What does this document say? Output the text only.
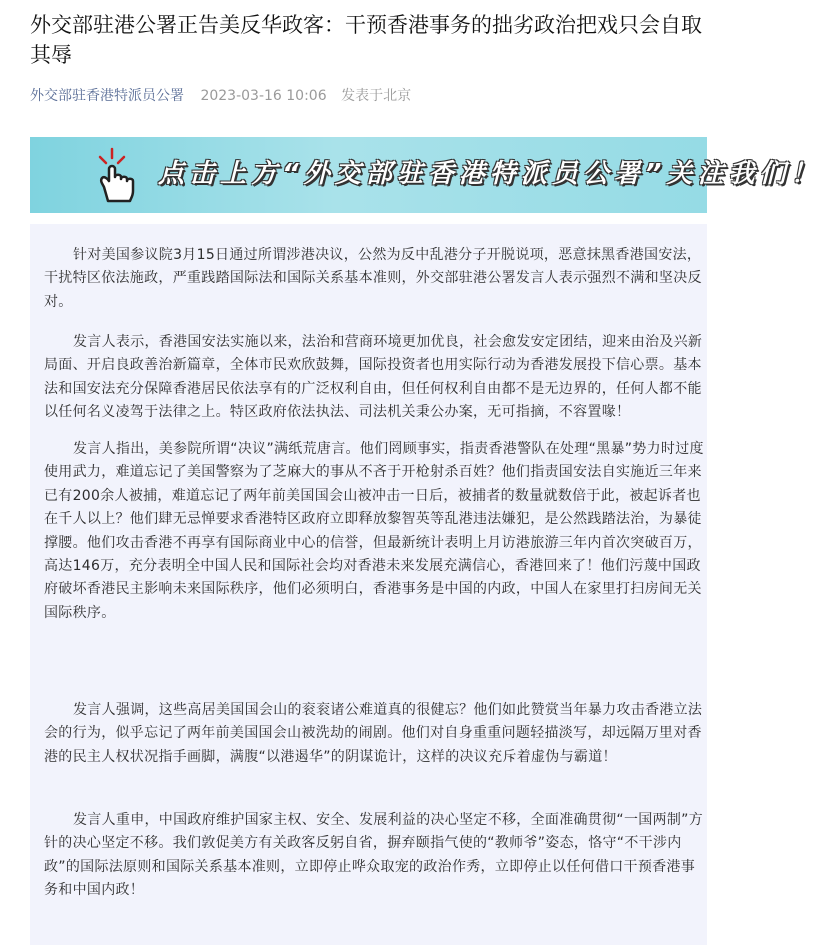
外交部驻港公署正告美反华政客：干预香港事务的拙劣政治把戏只会自取其辱
外交部驻香港特派员公署 2023-03-16 10:06 发表于北京
点击上方“外交部驻香港特派员公署”关注我们！

针对美国参议院3月15日通过所谓涉港决议，公然为反中乱港分子开脱说项，恶意抹黑香港国安法，干扰特区依法施政，严重践踏国际法和国际关系基本准则，外交部驻港公署发言人表示强烈不满和坚决反对。

发言人表示，香港国安法实施以来，法治和营商环境更加优良，社会愈发安定团结，迎来由治及兴新局面、开启良政善治新篇章，全体市民欢欣鼓舞，国际投资者也用实际行动为香港发展投下信心票。基本法和国安法充分保障香港居民依法享有的广泛权利自由，但任何权利自由都不是无边界的，任何人都不能以任何名义凌驾于法律之上。特区政府依法执法、司法机关秉公办案，无可指摘，不容置喙！

发言人指出，美参院所谓“决议”满纸荒唐言。他们罔顾事实，指责香港警队在处理“黑暴”势力时过度使用武力，难道忘记了美国警察为了芝麻大的事从不吝于开枪射杀百姓？他们指责国安法自实施近三年来已有200余人被捕，难道忘记了两年前美国国会山被冲击一日后，被捕者的数量就数倍于此，被起诉者也在千人以上？他们肆无忌惮要求香港特区政府立即释放黎智英等乱港违法嫌犯，是公然践踏法治，为暴徒撑腰。他们攻击香港不再享有国际商业中心的信誉，但最新统计表明上月访港旅游三年内首次突破百万，高达146万，充分表明全中国人民和国际社会均对香港未来发展充满信心，香港回来了！他们污蔑中国政府破坏香港民主影响未来国际秩序，他们必须明白，香港事务是中国的内政，中国人在家里打扫房间无关国际秩序。

发言人强调，这些高居美国国会山的衮衮诸公难道真的很健忘？他们如此赞赏当年暴力攻击香港立法会的行为，似乎忘记了两年前美国国会山被洗劫的闹剧。他们对自身重重问题轻描淡写，却远隔万里对香港的民主人权状况指手画脚，满腹“以港遏华”的阴谋诡计，这样的决议充斥着虚伪与霸道！

发言人重申，中国政府维护国家主权、安全、发展利益的决心坚定不移，全面准确贯彻“一国两制”方针的决心坚定不移。我们敦促美方有关政客反躬自省，摒弃颐指气使的“教师爷”姿态，恪守“不干涉内政”的国际法原则和国际关系基本准则，立即停止哗众取宠的政治作秀，立即停止以任何借口干预香港事务和中国内政！
